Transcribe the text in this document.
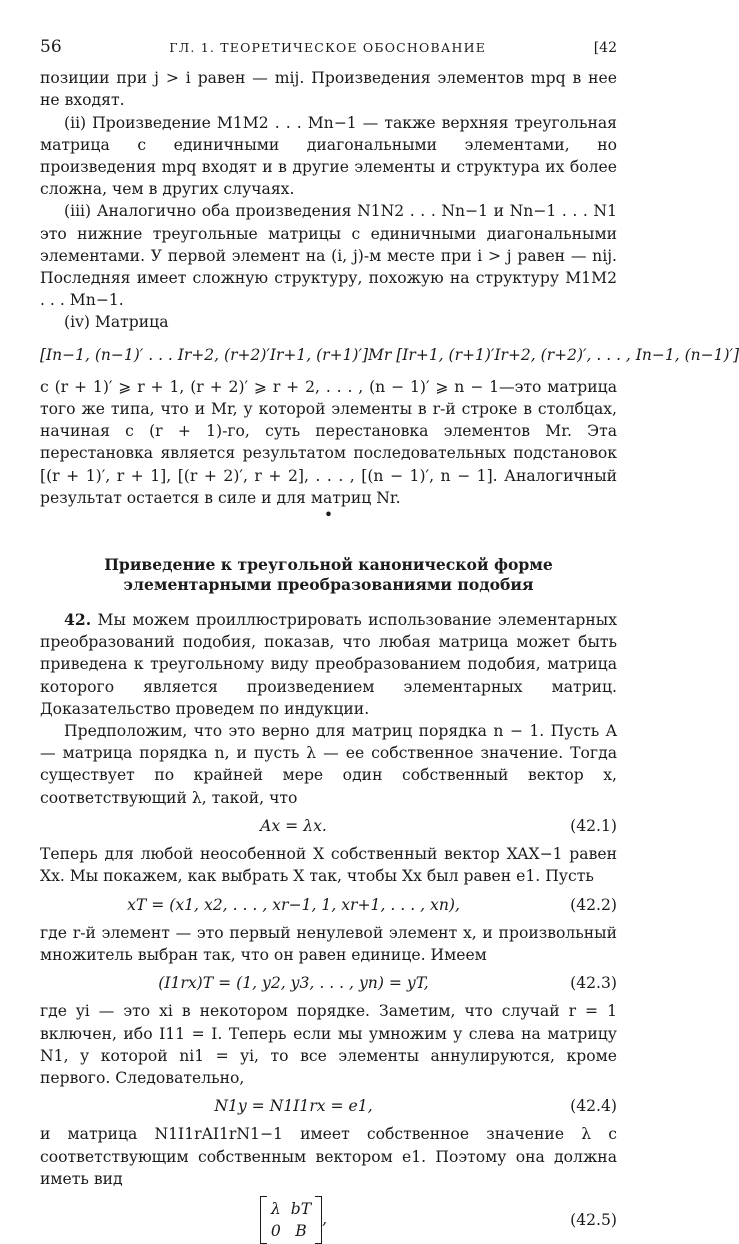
56	ГЛ. 1. ТЕОРЕТИЧЕСКОЕ ОБОСНОВАНИЕ	[42

позиции при j > i равен — mij. Произведения элементов mpq в нее не входят.

(ii) Произведение M1M2 . . . Mn−1 — также верхняя треугольная матрица с единичными диагональными элементами, но произведения mpq входят и в другие элементы и структура их более сложна, чем в других случаях.

(iii) Аналогично оба произведения N1N2 . . . Nn−1 и Nn−1 . . . N1 это нижние треугольные матрицы с единичными диагональными элементами. У первой элемент на (i, j)-м месте при i > j равен — nij. Последняя имеет сложную структуру, похожую на структуру M1M2 . . . Mn−1.

(iv) Матрица

[In−1, (n−1)′ . . . Ir+2, (r+2)′Ir+1, (r+1)′]Mr [Ir+1, (r+1)′Ir+2, (r+2)′, . . . , In−1, (n−1)′]

с (r + 1)′ ⩾ r + 1, (r + 2)′ ⩾ r + 2, . . . , (n − 1)′ ⩾ n − 1—это матрица того же типа, что и Mr, у которой элементы в r-й строке в столбцах, начиная с (r + 1)-го, суть перестановка элементов Mr. Эта перестановка является результатом последовательных подстановок [(r + 1)′, r + 1], [(r + 2)′, r + 2], . . . , [(n − 1)′, n − 1]. Аналогичный результат остается в силе и для матриц Nr.

•
Приведение к треугольной канонической форме
элементарными преобразованиями подобия

42. Мы можем проиллюстрировать использование элементарных преобразований подобия, показав, что любая матрица может быть приведена к треугольному виду преобразованием подобия, матрица которого является произведением элементарных матриц. Доказательство проведем по индукции.

Предположим, что это верно для матриц порядка n − 1. Пусть A — матрица порядка n, и пусть λ — ее собственное значение. Тогда существует по крайней мере один собственный вектор x, соответствующий λ, такой, что

Ax = λx.	(42.1)

Теперь для любой неособенной X собственный вектор XAX−1 равен Xx. Мы покажем, как выбрать X так, чтобы Xx был равен e1. Пусть

xT = (x1, x2, . . . , xr−1, 1, xr+1, . . . , xn),	(42.2)

где r-й элемент — это первый ненулевой элемент x, и произвольный множитель выбран так, что он равен единице. Имеем

(I1rx)T = (1, y2, y3, . . . , yn) = yT,	(42.3)

где yi — это xi в некотором порядке. Заметим, что случай r = 1 включен, ибо I11 = I. Теперь если мы умножим y слева на матрицу N1, у которой ni1 = yi, то все элементы аннулируются, кроме первого. Следовательно,

N1y = N1I1rx = e1,	(42.4)

и матрица N1I1rAI1rN1−1 имеет собственное значение λ с соответствующим собственным вектором e1. Поэтому она должна иметь вид

λ bT
0 B
,	(42.5)
